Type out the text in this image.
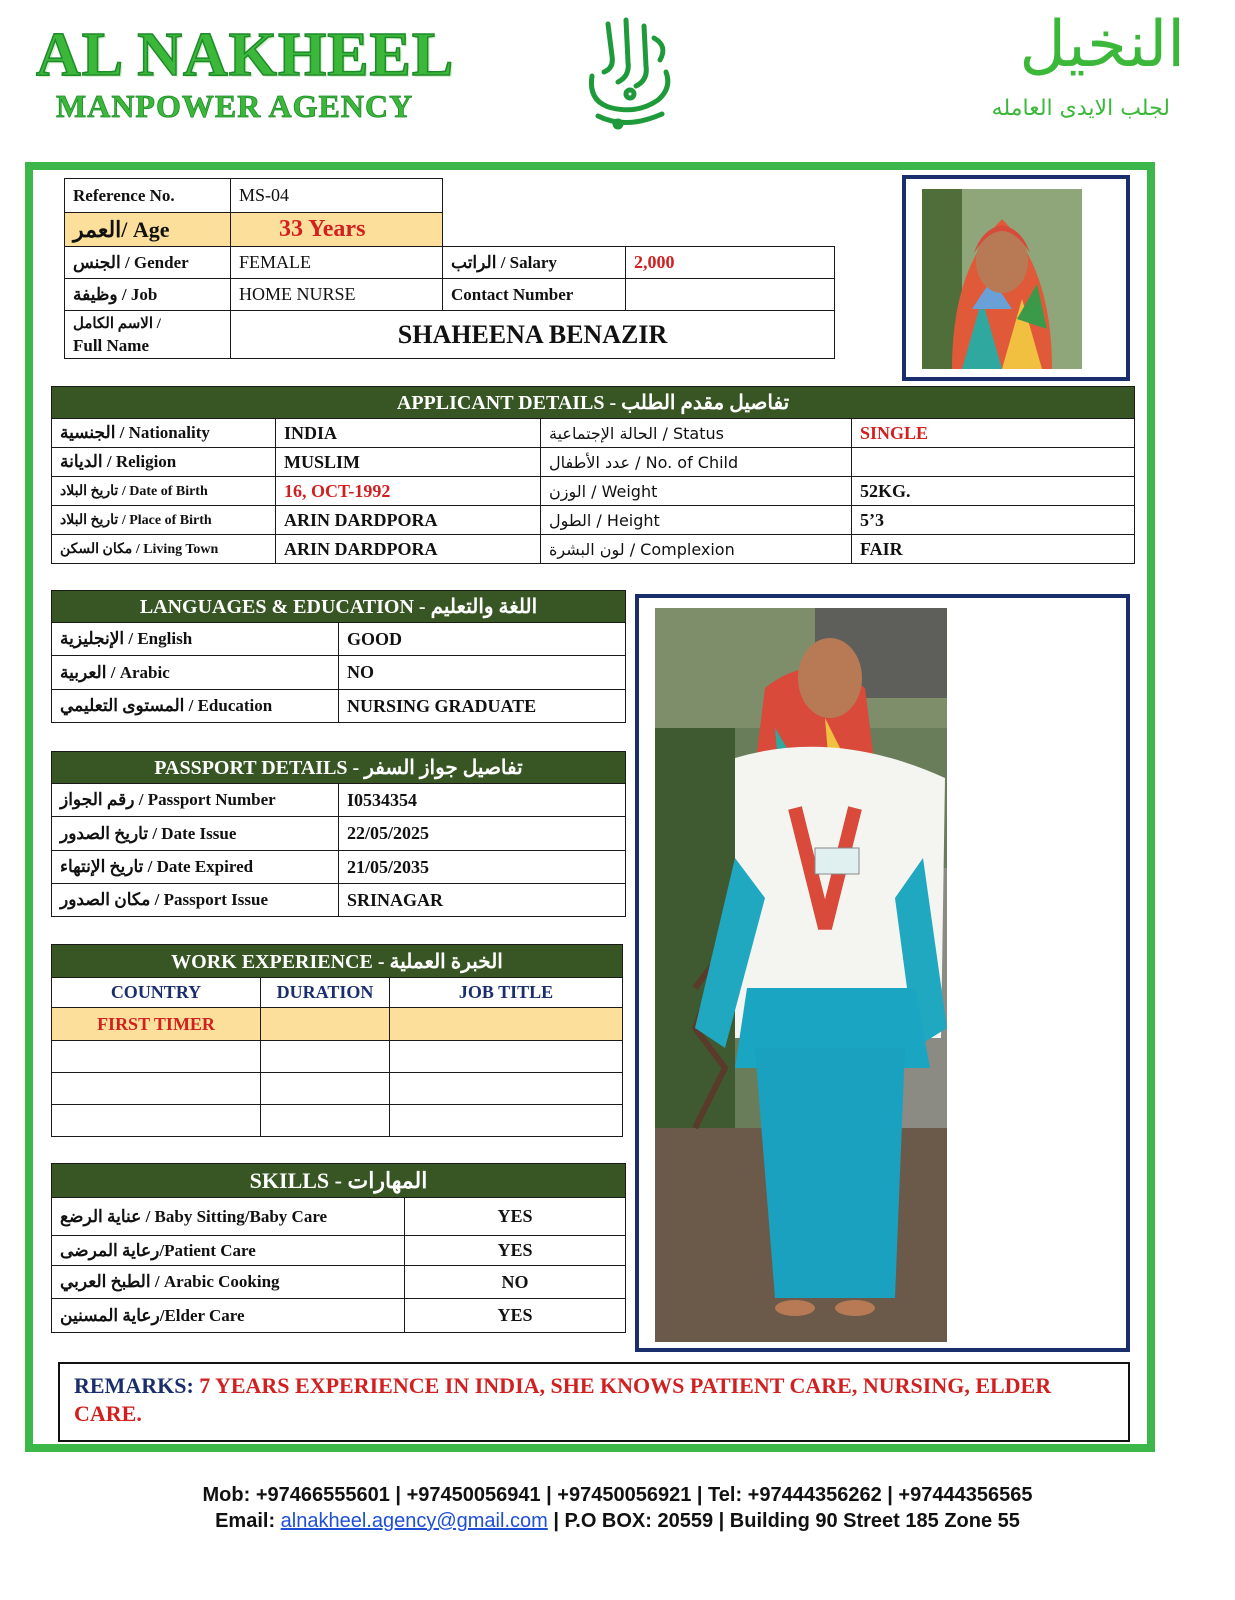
AL NAKHEEL
MANPOWER AGENCY
النخيل
لجلب الايدى العامله
Reference No.	MS-04		
العمر/ Age	33 Years		
الجنس / Gender	FEMALE	الراتب / Salary	2,000
وظيفة / Job	HOME NURSE	Contact Number	

الاسم الكامل /
Full Name	SHAHEENA BENAZIR		
APPLICANT DETAILS - تفاصيل مقدم الطلب			
الجنسية / Nationality	INDIA	الحالة الإجتماعية / Status	SINGLE
الديانة / Religion	MUSLIM	عدد الأطفال / No. of Child	
تاريخ البلاد / Date of Birth	16, OCT-1992	الوزن / Weight	52KG.
تاريخ البلاد / Place of Birth	ARIN DARDPORA	الطول / Height	5’3
مكان السكن / Living Town	ARIN DARDPORA	لون البشرة / Complexion	FAIR
LANGUAGES & EDUCATION - اللغة والتعليم	
الإنجليزية / English	GOOD
العربية / Arabic	NO
المستوى التعليمي / Education	NURSING GRADUATE
PASSPORT DETAILS - تفاصيل جواز السفر	
رقم الجواز / Passport Number	I0534354
تاريخ الصدور / Date Issue	22/05/2025
تاريخ الإنتهاء / Date Expired	21/05/2035
مكان الصدور / Passport Issue	SRINAGAR
WORK EXPERIENCE - الخبرة العملية		
COUNTRY	DURATION	JOB TITLE
FIRST TIMER		

SKILLS - المهارات	
عناية الرضع / Baby Sitting/Baby Care	YES
رعاية المرضى/Patient Care	YES
الطبخ العربي / Arabic Cooking	NO
رعاية المسنين/Elder Care	YES
REMARKS: 7 YEARS EXPERIENCE IN INDIA, SHE KNOWS PATIENT CARE, NURSING, ELDER CARE.
Mob: +97466555601 | +97450056941 | +97450056921 | Tel: +97444356262 | +97444356565
Email: alnakheel.agency@gmail.com | P.O BOX: 20559 | Building 90 Street 185 Zone 55
